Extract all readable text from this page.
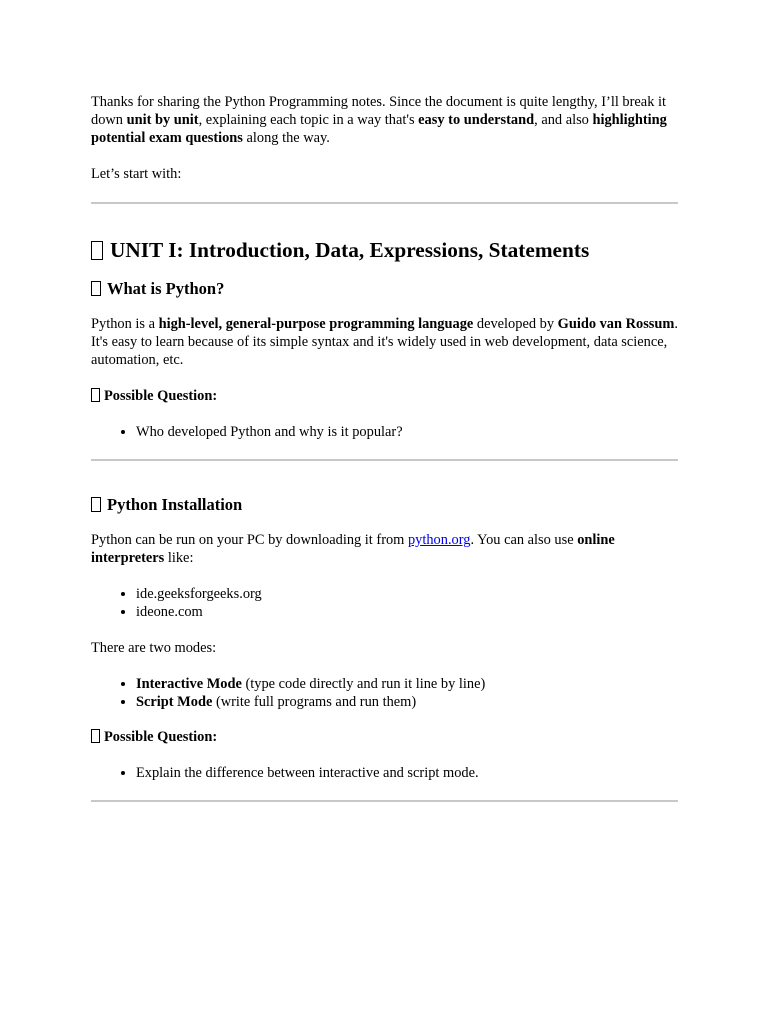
Thanks for sharing the Python Programming notes. Since the document is quite lengthy, I’ll break it down unit by unit, explaining each topic in a way that's easy to understand, and also highlighting potential exam questions along the way.

Let’s start with:

UNIT I: Introduction, Data, Expressions, Statements
What is Python?

Python is a high-level, general-purpose programming language developed by Guido van Rossum. It's easy to learn because of its simple syntax and it's widely used in web development, data science, automation, etc.

Possible Question:

• Who developed Python and why is it popular?
Python Installation

Python can be run on your PC by downloading it from python.org. You can also use online interpreters like:

• ide.geeksforgeeks.org
• ideone.com

There are two modes:

• Interactive Mode (type code directly and run it line by line)
• Script Mode (write full programs and run them)

Possible Question:

• Explain the difference between interactive and script mode.
